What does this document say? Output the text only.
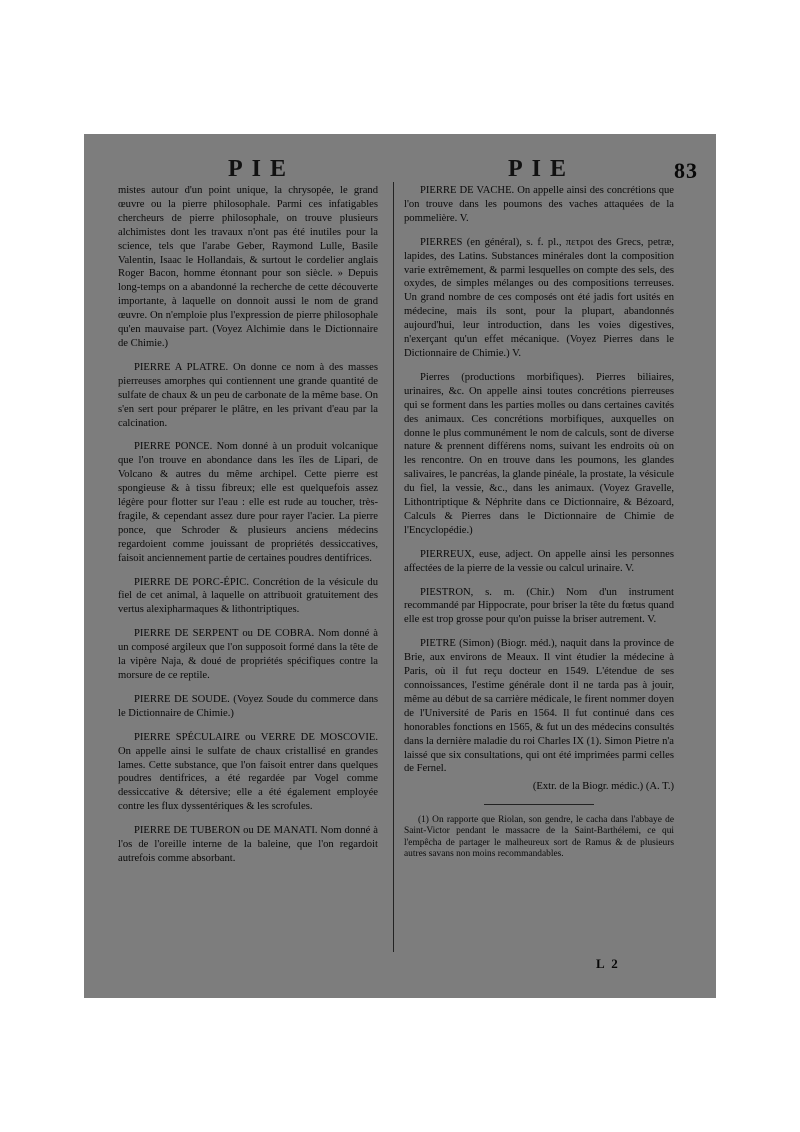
PIE	PIE	83

mistes autour d'un point unique, la chrysopée, le grand œuvre ou la pierre philosophale. Parmi ces infatigables chercheurs de pierre philosophale, on trouve plusieurs alchimistes dont les travaux n'ont pas été inutiles pour la science, tels que l'arabe Geber, Raymond Lulle, Basile Valentin, Isaac le Hollandais, & surtout le cordelier anglais Roger Bacon, homme étonnant pour son siècle. » Depuis long-temps on a abandonné la recherche de cette découverte importante, à laquelle on donnoit aussi le nom de grand œuvre. On n'emploie plus l'expression de pierre philosophale qu'en mauvaise part. (Voyez Alchimie dans le Dictionnaire de Chimie.)

PIERRE A PLATRE. On donne ce nom à des masses pierreuses amorphes qui contiennent une grande quantité de sulfate de chaux & un peu de carbonate de la même base. On s'en sert pour préparer le plâtre, en les privant d'eau par la calcination.

PIERRE PONCE. Nom donné à un produit volcanique que l'on trouve en abondance dans les îles de Lipari, de Volcano & autres du même archipel. Cette pierre est spongieuse & à tissu fibreux; elle est quelquefois assez légère pour flotter sur l'eau : elle est rude au toucher, très-fragile, & cependant assez dure pour rayer l'acier. La pierre ponce, que Schroder & plusieurs anciens médecins regardoient comme jouissant de propriétés dessiccatives, faisoit anciennement partie de certaines poudres dentifrices.

PIERRE DE PORC-ÉPIC. Concrétion de la vésicule du fiel de cet animal, à laquelle on attribuoit gratuitement des vertus alexipharmaques & lithontriptiques.

PIERRE DE SERPENT ou DE COBRA. Nom donné à un composé argileux que l'on supposoit formé dans la tête de la vipère Naja, & doué de propriétés spécifiques contre la morsure de ce reptile.

PIERRE DE SOUDE. (Voyez Soude du commerce dans le Dictionnaire de Chimie.)

PIERRE SPÉCULAIRE ou VERRE DE MOSCOVIE. On appelle ainsi le sulfate de chaux cristallisé en grandes lames. Cette substance, que l'on faisoit entrer dans quelques poudres dentifrices, a été regardée par Vogel comme dessiccative & détersive; elle a été également employée contre les flux dyssentériques & les scrofules.

PIERRE DE TUBERON ou DE MANATI. Nom donné à l'os de l'oreille interne de la baleine, que l'on regardoit autrefois comme absorbant.

PIERRE DE VACHE. On appelle ainsi des concrétions que l'on trouve dans les poumons des vaches attaquées de la pommelière. V.

PIERRES (en général), s. f. pl., πετροι des Grecs, petræ, lapides, des Latins. Substances minérales dont la composition varie extrêmement, & parmi lesquelles on compte des sels, des oxydes, de simples mélanges ou des compositions terreuses. Un grand nombre de ces composés ont été jadis fort usités en médecine, mais ils sont, pour la plupart, abandonnés aujourd'hui, leur introduction, dans les voies digestives, n'exerçant qu'un effet mécanique. (Voyez Pierres dans le Dictionnaire de Chimie.) V.

Pierres (productions morbifiques). Pierres biliaires, urinaires, &c. On appelle ainsi toutes concrétions pierreuses qui se forment dans les parties molles ou dans certaines cavités des animaux. Ces concrétions morbifiques, auxquelles on donne le plus communément le nom de calculs, sont de diverse nature & prennent différens noms, suivant les endroits où on les rencontre. On en trouve dans les poumons, les glandes salivaires, le pancréas, la glande pinéale, la prostate, la vésicule du fiel, la vessie, &c., dans les animaux. (Voyez Gravelle, Lithontriptique & Néphrite dans ce Dictionnaire, & Bézoard, Calculs & Pierres dans le Dictionnaire de Chimie de l'Encyclopédie.)

PIERREUX, euse, adject. On appelle ainsi les personnes affectées de la pierre de la vessie ou calcul urinaire. V.

PIESTRON, s. m. (Chir.) Nom d'un instrument recommandé par Hippocrate, pour briser la tête du fœtus quand elle est trop grosse pour qu'on puisse la briser autrement. V.

PIETRE (Simon) (Biogr. méd.), naquit dans la province de Brie, aux environs de Meaux. Il vint étudier la médecine à Paris, où il fut reçu docteur en 1549. L'étendue de ses connoissances, l'estime générale dont il ne tarda pas à jouir, même au début de sa carrière médicale, le firent nommer doyen de l'Université de Paris en 1564. Il fut continué dans ces honorables fonctions en 1565, & fut un des médecins consultés dans la dernière maladie du roi Charles IX (1). Simon Pietre n'a laissé que six consultations, qui ont été imprimées parmi celles de Fernel.

(Extr. de la Biogr. médic.) (A. T.)

(1) On rapporte que Riolan, son gendre, le cacha dans l'abbaye de Saint-Victor pendant le massacre de la Saint-Barthélemi, ce qui l'empêcha de partager le malheureux sort de Ramus & de plusieurs autres savans non moins recommandables.

L 2
